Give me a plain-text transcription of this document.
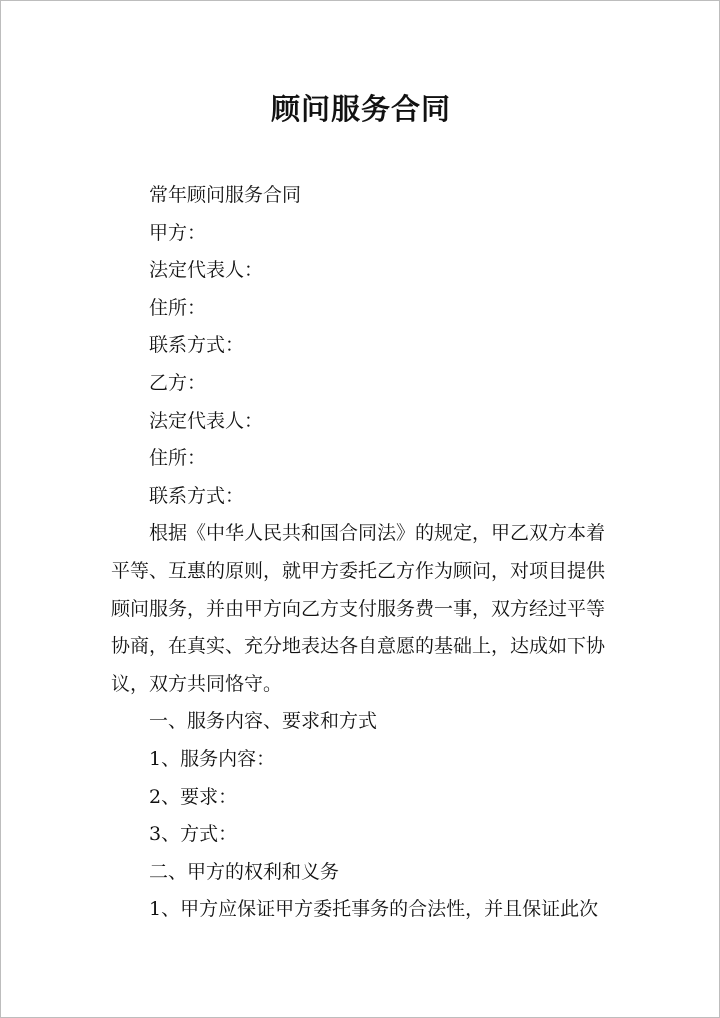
顾问服务合同
常年顾问服务合同
甲方：
法定代表人：
住所：
联系方式：
乙方：
法定代表人：
住所：
联系方式：
根据《中华人民共和国合同法》的规定，甲乙双方本着
平等、互惠的原则，就甲方委托乙方作为顾问，对项目提供
顾问服务，并由甲方向乙方支付服务费一事，双方经过平等
协商，在真实、充分地表达各自意愿的基础上，达成如下协
议，双方共同恪守。
一、服务内容、要求和方式
1、服务内容：
2、要求：
3、方式：
二、甲方的权利和义务
1、甲方应保证甲方委托事务的合法性，并且保证此次
